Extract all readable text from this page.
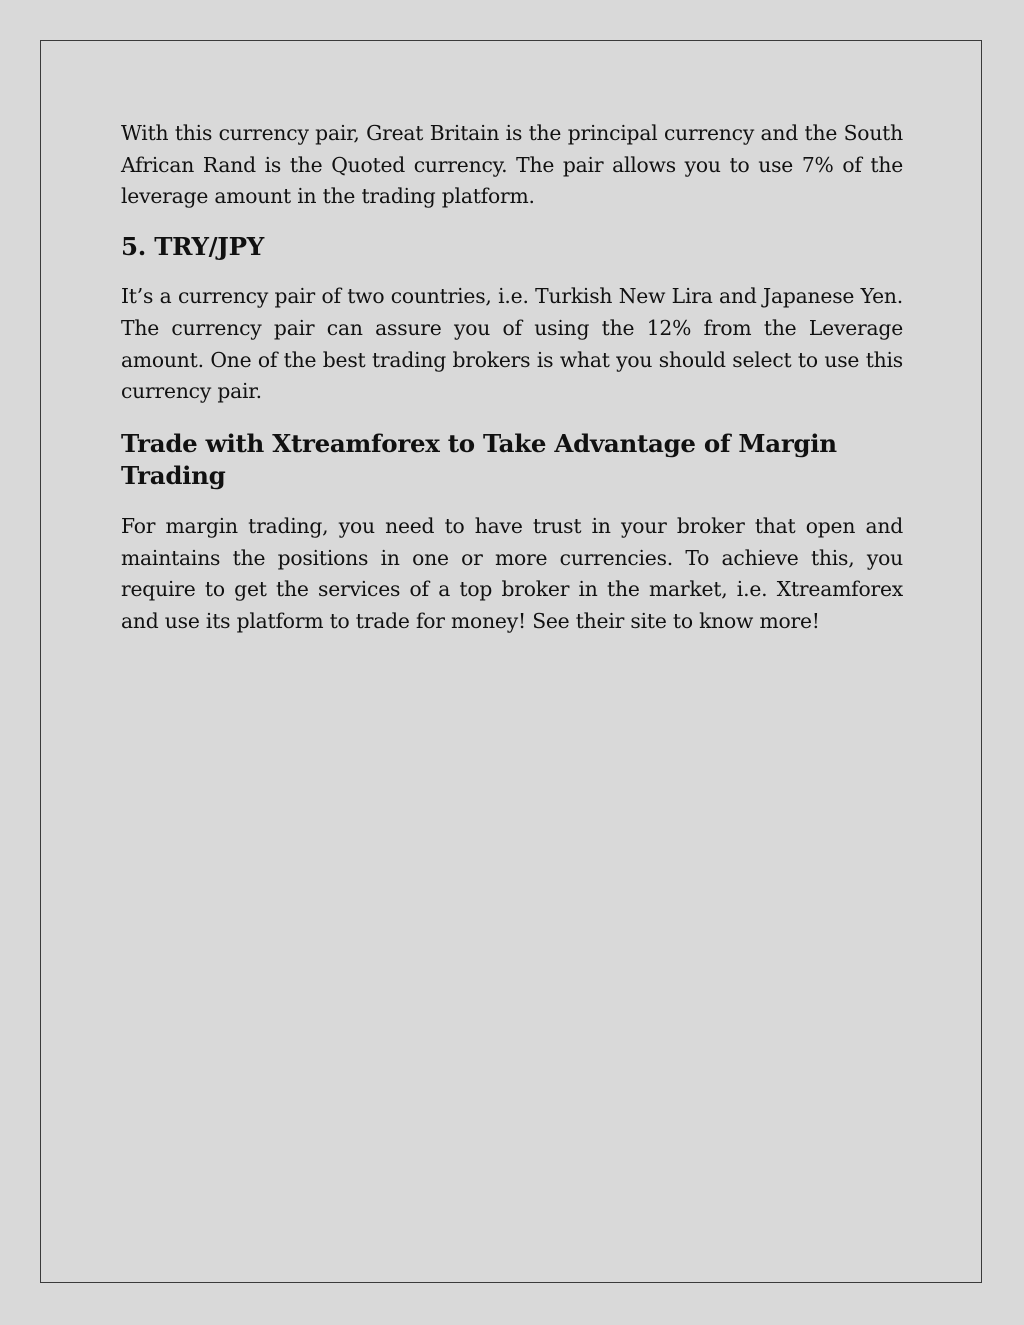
With this currency pair, Great Britain is the principal currency and the South African Rand is the Quoted currency. The pair allows you to use 7% of the leverage amount in the trading platform.

5. TRY/JPY

It’s a currency pair of two countries, i.e. Turkish New Lira and Japanese Yen. The currency pair can assure you of using the 12% from the Leverage amount. One of the best trading brokers is what you should select to use this currency pair.

Trade with Xtreamforex to Take Advantage of Margin Trading

For margin trading, you need to have trust in your broker that open and maintains the positions in one or more currencies. To achieve this, you require to get the services of a top broker in the market, i.e. Xtreamforex and use its platform to trade for money! See their site to know more!
